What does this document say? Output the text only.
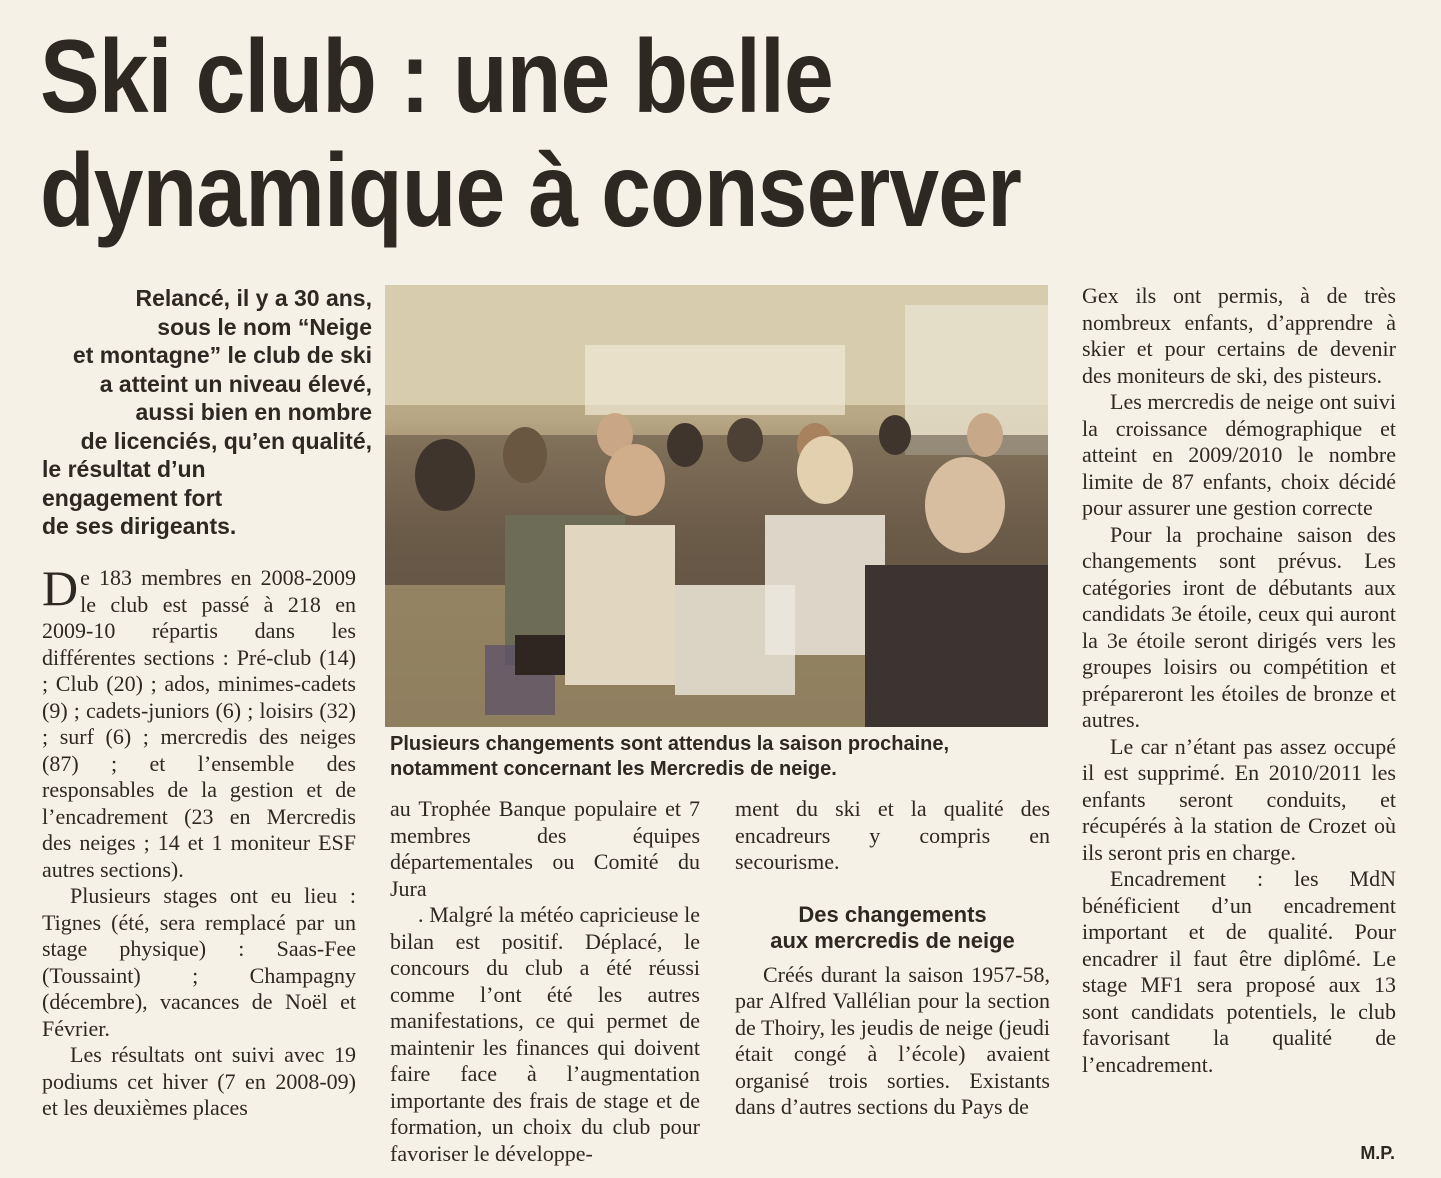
Ski club : une belle
dynamique à conserver
Relancé, il y a 30 ans,
sous le nom “Neige
et montagne” le club de ski
a atteint un niveau élevé,
aussi bien en nombre
de licenciés, qu’en qualité,
le résultat d’un
engagement fort
de ses dirigeants.
Plusieurs changements sont attendus la saison prochaine,
notamment concernant les Mercredis de neige.

De 183 membres en 2008-2009 le club est passé à 218 en 2009-10 répartis dans les différentes sections : Pré-club (14) ; Club (20) ; ados, minimes-cadets (9) ; cadets-juniors (6) ; loisirs (32) ; surf (6) ; mercredis des neiges (87) ; et l’ensemble des responsables de la gestion et de l’encadrement (23 en Mercredis des neiges ; 14 et 1 moniteur ESF autres sections).

Plusieurs stages ont eu lieu : Tignes (été, sera remplacé par un stage physique) : Saas-Fee (Toussaint) ; Champagny (décembre), vacances de Noël et Février.

Les résultats ont suivi avec 19 podiums cet hiver (7 en 2008-09) et les deuxièmes places

au Trophée Banque populaire et 7 membres des équipes départementales ou Comité du Jura

. Malgré la météo capricieuse le bilan est positif. Déplacé, le concours du club a été réussi comme l’ont été les autres manifestations, ce qui permet de maintenir les finances qui doivent faire face à l’augmentation importante des frais de stage et de formation, un choix du club pour favoriser le développe-

ment du ski et la qualité des encadreurs y compris en secourisme.

Des changements
aux mercredis de neige

Créés durant la saison 1957-58, par Alfred Vallélian pour la section de Thoiry, les jeudis de neige (jeudi était congé à l’école) avaient organisé trois sorties. Existants dans d’autres sections du Pays de

Gex ils ont permis, à de très nombreux enfants, d’apprendre à skier et pour certains de devenir des moniteurs de ski, des pisteurs.

Les mercredis de neige ont suivi la croissance démographique et atteint en 2009/2010 le nombre limite de 87 enfants, choix décidé pour assurer une gestion correcte

Pour la prochaine saison des changements sont prévus. Les catégories iront de débutants aux candidats 3e étoile, ceux qui auront la 3e étoile seront dirigés vers les groupes loisirs ou compétition et prépareront les étoiles de bronze et autres.

Le car n’étant pas assez occupé il est supprimé. En 2010/2011 les enfants seront conduits, et récupérés à la station de Crozet où ils seront pris en charge.

Encadrement : les MdN bénéficient d’un encadrement important et de qualité. Pour encadrer il faut être diplômé. Le stage MF1 sera proposé aux 13 sont candidats potentiels, le club favorisant la qualité de l’encadrement.

M.P.
